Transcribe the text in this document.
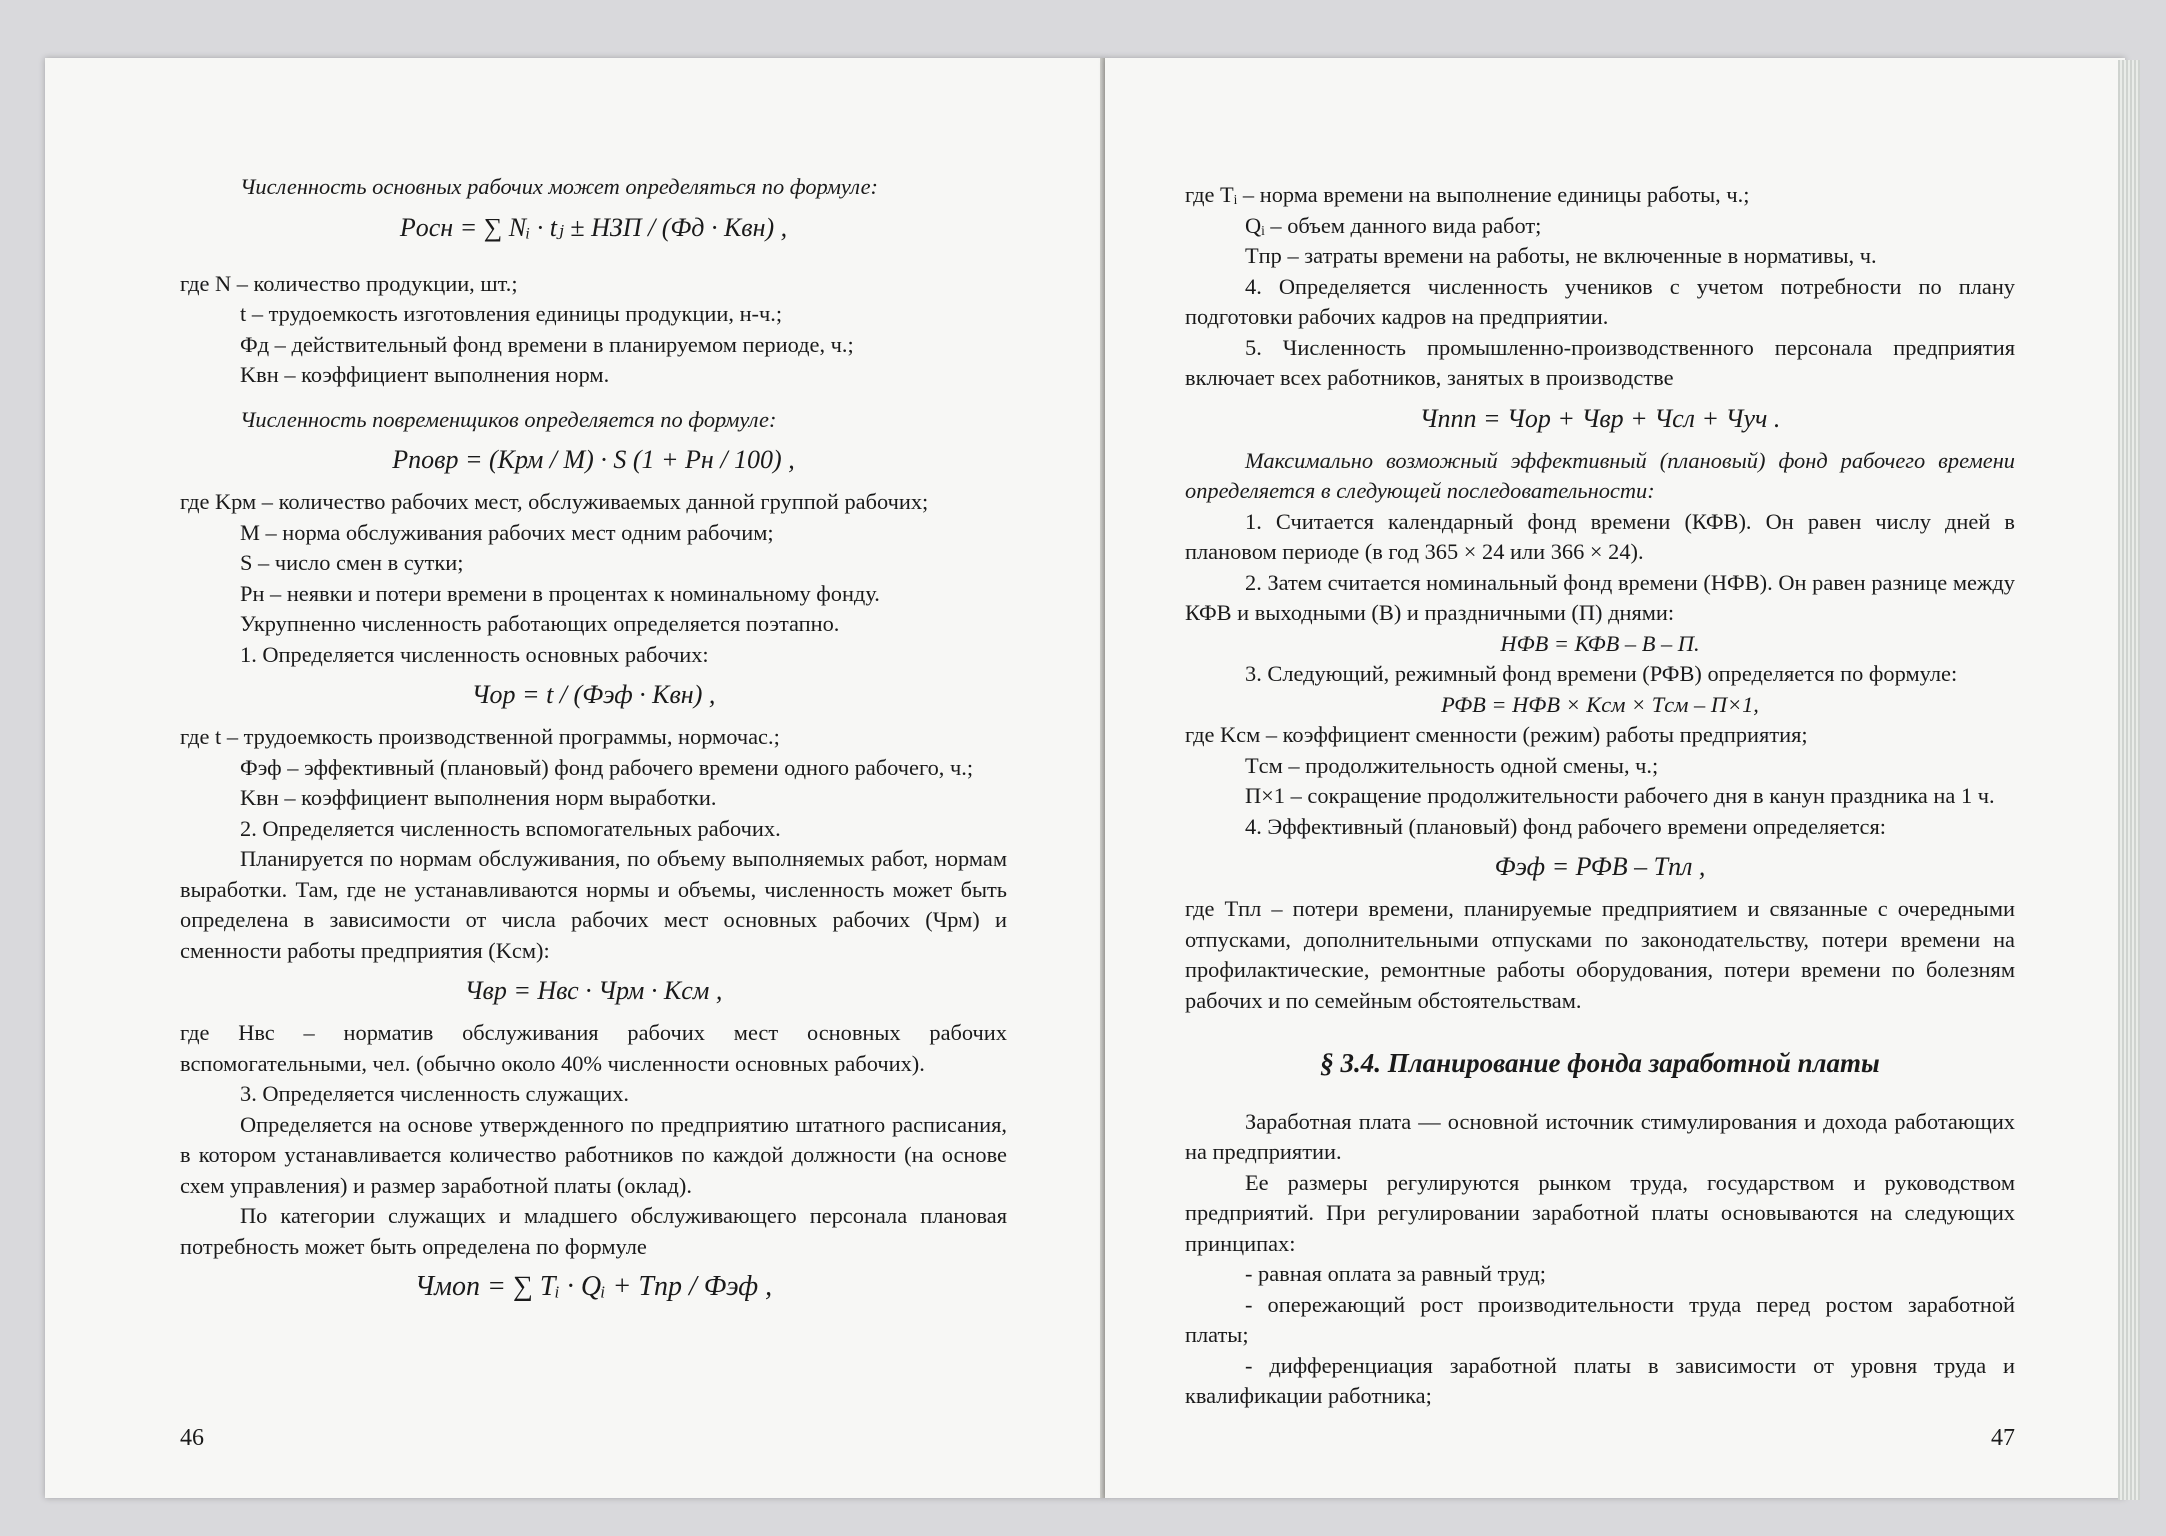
Численность основных рабочих может определяться по формуле:

Pосн = ∑ Nᵢ · tⱼ ± НЗП / (Фд · Kвн) ,

где N – количество продукции, шт.;

t – трудоемкость изготовления единицы продукции, н-ч.;

Фд – действительный фонд времени в планируемом периоде, ч.;

Kвн – коэффициент выполнения норм.

Численность повременщиков определяется по формуле:

Pповр = (Kрм / M) · S (1 + Pн / 100) ,

где Kрм – количество рабочих мест, обслуживаемых данной группой рабочих;

M – норма обслуживания рабочих мест одним рабочим;

S – число смен в сутки;

Pн – неявки и потери времени в процентах к номинальному фонду.

Укрупненно численность работающих определяется поэтапно.

1. Определяется численность основных рабочих:

Чор = t / (Фэф · Kвн) ,

где t – трудоемкость производственной программы, нормочас.;

Фэф – эффективный (плановый) фонд рабочего времени одного рабочего, ч.;

Kвн – коэффициент выполнения норм выработки.

2. Определяется численность вспомогательных рабочих.

Планируется по нормам обслуживания, по объему выполняемых работ, нормам выработки. Там, где не устанавливаются нормы и объемы, численность может быть определена в зависимости от числа рабочих мест основных рабочих (Чрм) и сменности работы предприятия (Kсм):

Чвр = Нвс · Чрм · Kсм ,

где Нвс – норматив обслуживания рабочих мест основных рабочих вспомогательными, чел. (обычно около 40% численности основных рабочих).

3. Определяется численность служащих.

Определяется на основе утвержденного по предприятию штатного расписания, в котором устанавливается количество работников по каждой должности (на основе схем управления) и размер заработной платы (оклад).

По категории служащих и младшего обслуживающего персонала плановая потребность может быть определена по формуле

Чмоп = ∑ Tᵢ · Qᵢ + Tпр / Фэф ,
46

где Tᵢ – норма времени на выполнение единицы работы, ч.;

Qᵢ – объем данного вида работ;

Tпр – затраты времени на работы, не включенные в нормативы, ч.

4. Определяется численность учеников с учетом потребности по плану подготовки рабочих кадров на предприятии.

5. Численность промышленно-производственного персонала предприятия включает всех работников, занятых в производстве

Чппп = Чор + Чвр + Чсл + Чуч .

Максимально возможный эффективный (плановый) фонд рабочего времени определяется в следующей последовательности:

1. Считается календарный фонд времени (КФВ). Он равен числу дней в плановом периоде (в год 365 × 24 или 366 × 24).

2. Затем считается номинальный фонд времени (НФВ). Он равен разнице между КФВ и выходными (В) и праздничными (П) днями:

НФВ = КФВ – В – П.

3. Следующий, режимный фонд времени (РФВ) определяется по формуле:

РФВ = НФВ × Kсм × Tсм – П×1,

где Kсм – коэффициент сменности (режим) работы предприятия;

Tсм – продолжительность одной смены, ч.;

П×1 – сокращение продолжительности рабочего дня в канун праздника на 1 ч.

4. Эффективный (плановый) фонд рабочего времени определяется:

Фэф = РФВ – Tпл ,

где Tпл – потери времени, планируемые предприятием и связанные с очередными отпусками, дополнительными отпусками по законодательству, потери времени на профилактические, ремонтные работы оборудования, потери времени по болезням рабочих и по семейным обстоятельствам.

§ 3.4. Планирование фонда заработной платы

Заработная плата — основной источник стимулирования и дохода работающих на предприятии.

Ее размеры регулируются рынком труда, государством и руководством предприятий. При регулировании заработной платы основываются на следующих принципах:

- равная оплата за равный труд;

- опережающий рост производительности труда перед ростом заработной платы;

- дифференциация заработной платы в зависимости от уровня труда и квалификации работника;

47
